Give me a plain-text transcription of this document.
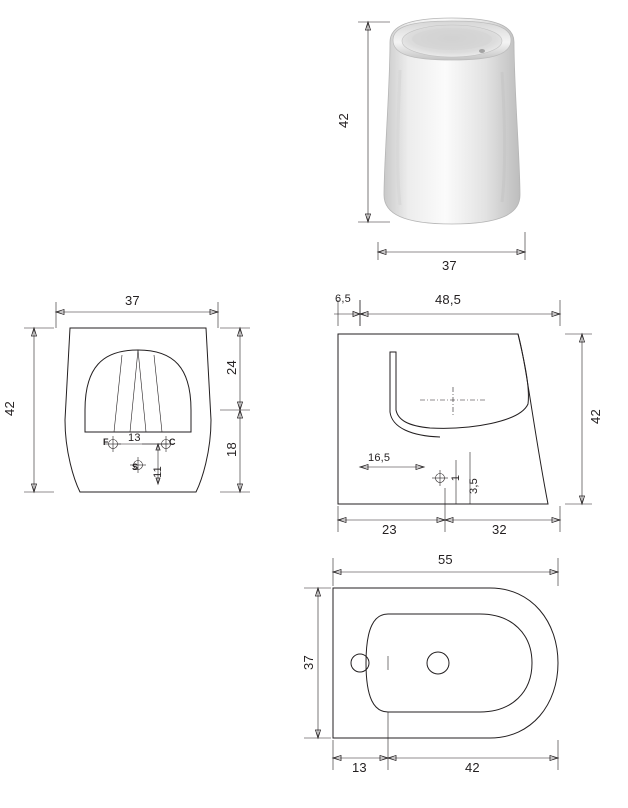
42
37
37
42
24
18
13
11
F	C
S
6,5	48,5
42
16,5
3,5
1
23	32
55
37
13	42
